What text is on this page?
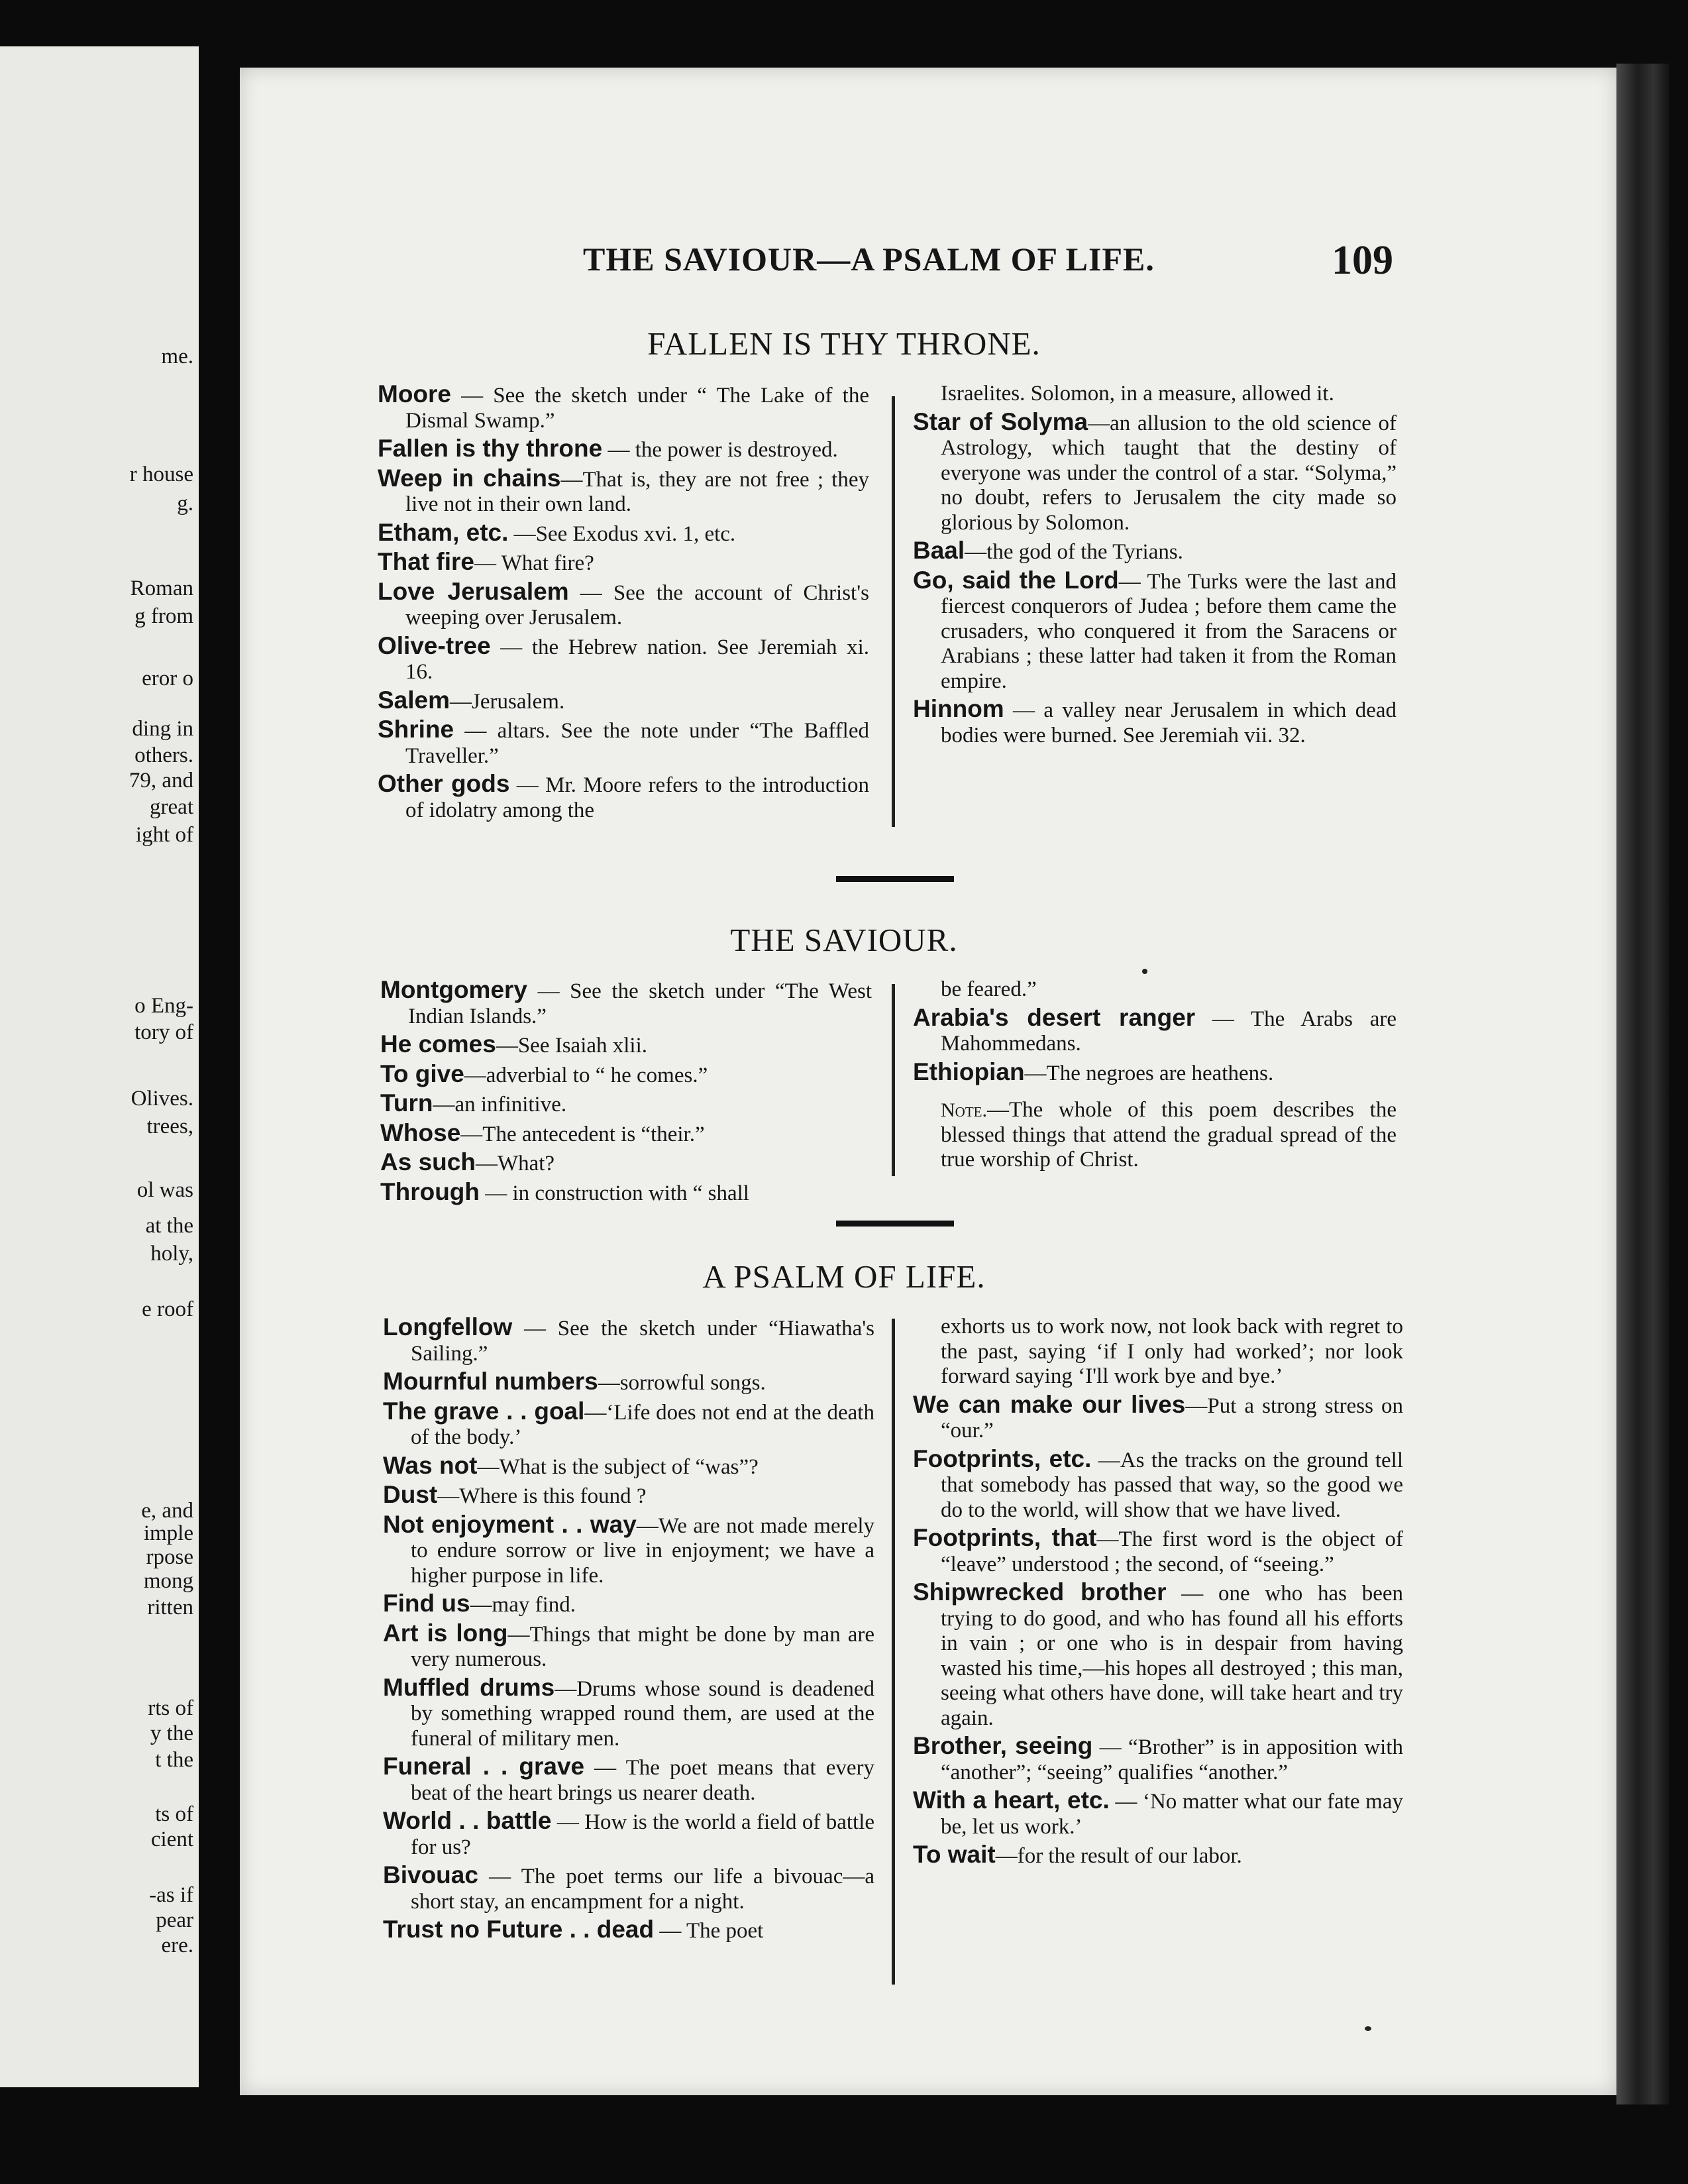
me.
r house
g.
Roman
g from
eror o
ding in
others.
79, and
great
ight of
o Eng-
tory of
Olives.
trees,
ol was
at the
holy,
e roof
e, and
imple
rpose
mong
ritten
rts of
y the
t the
ts of
cient
-as if
pear
ere.
THE SAVIOUR—A PSALM OF LIFE.	109
FALLEN IS THY THRONE.

Moore — See the sketch under “ The Lake of the Dismal Swamp.”

Fallen is thy throne — the power is destroyed.

Weep in chains—That is, they are not free ; they live not in their own land.

Etham, etc. —See Exodus xvi. 1, etc.

That fire— What fire?

Love Jerusalem — See the account of Christ's weeping over Jerusalem.

Olive-tree — the Hebrew nation. See Jeremiah xi. 16.

Salem—Jerusalem.

Shrine — altars. See the note under “The Baffled Traveller.”

Other gods — Mr. Moore refers to the introduction of idolatry among the

Israelites. Solomon, in a measure, allowed it.

Star of Solyma—an allusion to the old science of Astrology, which taught that the destiny of everyone was under the control of a star. “Solyma,” no doubt, refers to Jerusalem the city made so glorious by Solomon.

Baal—the god of the Tyrians.

Go, said the Lord— The Turks were the last and fiercest conquerors of Judea ; before them came the crusaders, who conquered it from the Saracens or Arabians ; these latter had taken it from the Roman empire.

Hinnom — a valley near Jerusalem in which dead bodies were burned. See Jeremiah vii. 32.

THE SAVIOUR.

Montgomery — See the sketch under “The West Indian Islands.”

He comes—See Isaiah xlii.

To give—adverbial to “ he comes.”

Turn—an infinitive.

Whose—The antecedent is “their.”

As such—What?

Through — in construction with “ shall

be feared.”

Arabia's desert ranger — The Arabs are Mahommedans.

Ethiopian—The negroes are heathens.

Note.—The whole of this poem describes the blessed things that attend the gradual spread of the true worship of Christ.

A PSALM OF LIFE.

Longfellow — See the sketch under “Hiawatha's Sailing.”

Mournful numbers—sorrowful songs.

The grave . . goal—‘Life does not end at the death of the body.’

Was not—What is the subject of “was”?

Dust—Where is this found ?

Not enjoyment . . way—We are not made merely to endure sorrow or live in enjoyment; we have a higher purpose in life.

Find us—may find.

Art is long—Things that might be done by man are very numerous.

Muffled drums—Drums whose sound is deadened by something wrapped round them, are used at the funeral of military men.

Funeral . . grave — The poet means that every beat of the heart brings us nearer death.

World . . battle — How is the world a field of battle for us?

Bivouac — The poet terms our life a bivouac—a short stay, an encampment for a night.

Trust no Future . . dead — The poet

exhorts us to work now, not look back with regret to the past, saying ‘if I only had worked’; nor look forward saying ‘I'll work bye and bye.’

We can make our lives—Put a strong stress on “our.”

Footprints, etc. —As the tracks on the ground tell that somebody has passed that way, so the good we do to the world, will show that we have lived.

Footprints, that—The first word is the object of “leave” understood ; the second, of “seeing.”

Shipwrecked brother — one who has been trying to do good, and who has found all his efforts in vain ; or one who is in despair from having wasted his time,—his hopes all destroyed ; this man, seeing what others have done, will take heart and try again.

Brother, seeing — “Brother” is in apposition with “another”; “seeing” qualifies “another.”

With a heart, etc. — ‘No matter what our fate may be, let us work.’

To wait—for the result of our labor.
